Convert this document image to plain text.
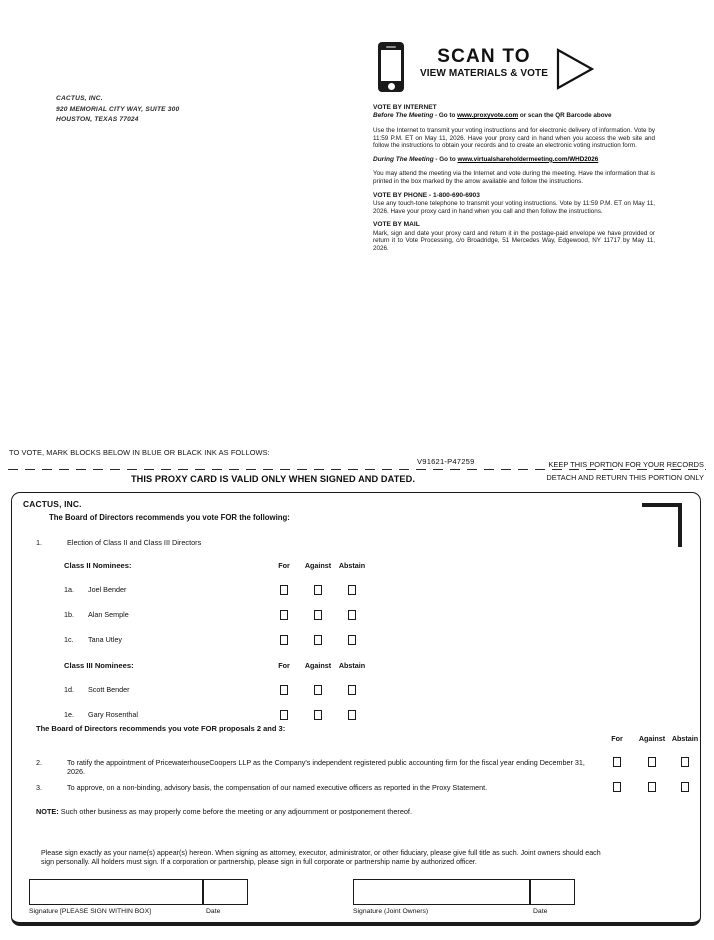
CACTUS, INC.
920 MEMORIAL CITY WAY, SUITE 300
HOUSTON, TEXAS 77024
SCAN TO
VIEW MATERIALS & VOTE
VOTE BY INTERNET

Before The Meeting - Go to www.proxyvote.com or scan the QR Barcode above

Use the Internet to transmit your voting instructions and for electronic delivery of information. Vote by 11:59 P.M. ET on May 11, 2026. Have your proxy card in hand when you access the web site and follow the instructions to obtain your records and to create an electronic voting instruction form.

During The Meeting - Go to www.virtualshareholdermeeting.com/WHD2026

You may attend the meeting via the Internet and vote during the meeting. Have the information that is printed in the box marked by the arrow available and follow the instructions.

VOTE BY PHONE - 1-800-690-6903

Use any touch-tone telephone to transmit your voting instructions. Vote by 11:59 P.M. ET on May 11, 2026. Have your proxy card in hand when you call and then follow the instructions.

VOTE BY MAIL

Mark, sign and date your proxy card and return it in the postage-paid envelope we have provided or return it to Vote Processing, c/o Broadridge, 51 Mercedes Way, Edgewood, NY 11717 by May 11, 2026.

TO VOTE, MARK BLOCKS BELOW IN BLUE OR BLACK INK AS FOLLOWS:
V91621-P47259	KEEP THIS PORTION FOR YOUR RECORDS
DETACH AND RETURN THIS PORTION ONLY
THIS PROXY CARD IS VALID ONLY WHEN SIGNED AND DATED.
CACTUS, INC.
The Board of Directors recommends you vote FOR the following:
1.	Election of Class II and Class III Directors
Class II Nominees:	For	Against	Abstain
1a. Joel Bender
1b. Alan Semple
1c. Tana Utley
Class III Nominees:	For	Against	Abstain
1d. Scott Bender
1e. Gary Rosenthal
The Board of Directors recommends you vote FOR proposals 2 and 3:
For	Against Abstain
2.	To ratify the appointment of PricewaterhouseCoopers LLP as the Company's independent registered public accounting firm for the fiscal year ending December 31, 2026.
3.	To approve, on a non-binding, advisory basis, the compensation of our named executive officers as reported in the Proxy Statement.
NOTE: Such other business as may properly come before the meeting or any adjournment or postponement thereof.
Please sign exactly as your name(s) appear(s) hereon. When signing as attorney, executor, administrator, or other fiduciary, please give full title as such. Joint owners should each sign personally. All holders must sign. If a corporation or partnership, please sign in full corporate or partnership name by authorized officer.
Signature [PLEASE SIGN WITHIN BOX]	Date	Signature (Joint Owners)	Date
